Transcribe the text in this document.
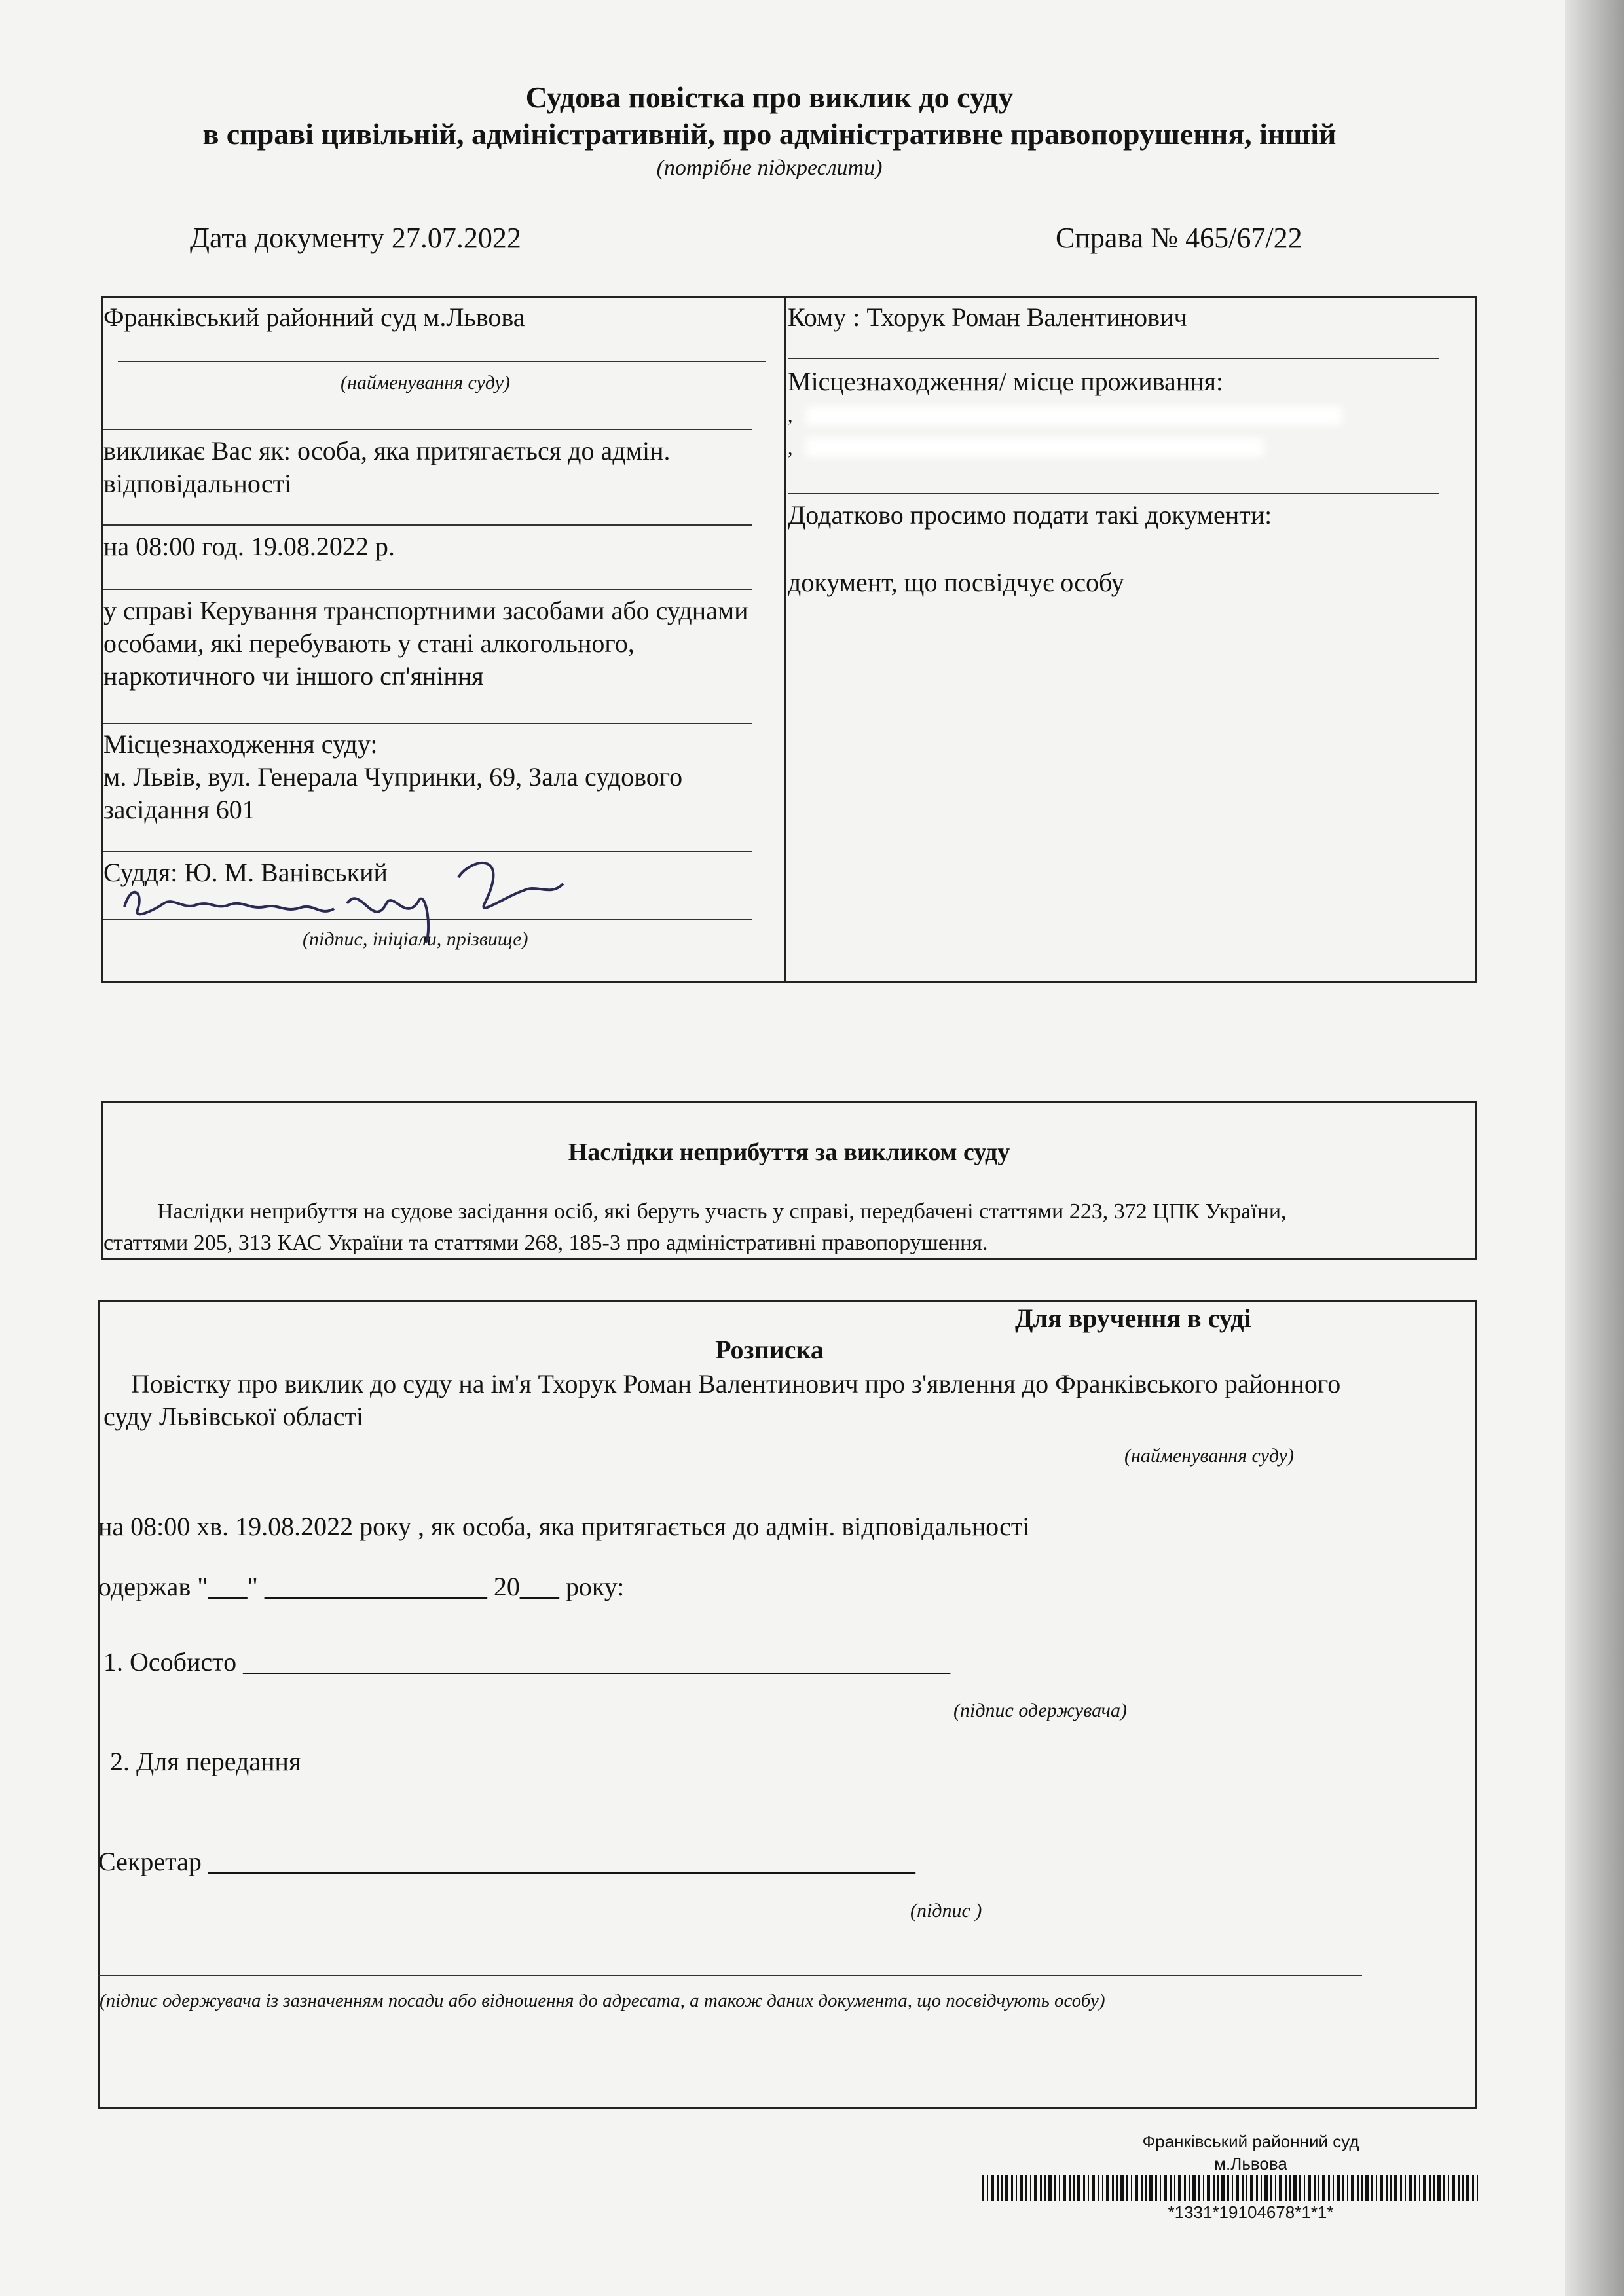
Судова повістка про виклик до суду
в справі цивільній, адміністративній, про адміністративне правопорушення, іншій
(потрібне підкреслити)
Дата документу 27.07.2022	Справа № 465/67/22
Франківський районний суд м.Львова
(найменування суду)
викликає Вас як: особа, яка притягається до адмін. відповідальності
на 08:00 год. 19.08.2022 р.
у справі Керування транспортними засобами або суднами особами, які перебувають у стані алкогольного, наркотичного чи іншого сп'яніння
Місцезнаходження суду:
м. Львів, вул. Генерала Чупринки, 69, Зала судового засідання 601
Суддя: Ю. М. Ванівський
(підпис, ініціали, прізвище)
Кому : Тхорук Роман Валентинович
Місцезнаходження/ місце проживання:
,
,
Додатково просимо подати такі документи:
документ, що посвідчує особу
Наслідки неприбуття за викликом суду
Наслідки неприбуття на судове засідання осіб, які беруть участь у справі, передбачені статтями 223, 372 ЦПК України,
статтями 205, 313 КАС України та статтями 268, 185-3 про адміністративні правопорушення.
Для вручення в суді
Розписка
Повістку про виклик до суду на ім'я Тхорук Роман Валентинович про з'явлення до Франківського районного
суду Львівської області
(найменування суду)
на 08:00 хв. 19.08.2022 року , як особа, яка притягається до адмін. відповідальності
одержав "___" _________________ 20___ року:
1. Особисто ______________________________________________________
(підпис одержувача)
2. Для передання
Секретар ______________________________________________________
(підпис )
(підпис одержувача із зазначенням посади або відношення до адресата, а також даних документа, що посвідчують особу)
Франківський районний суд
м.Львова
*1331*19104678*1*1*
